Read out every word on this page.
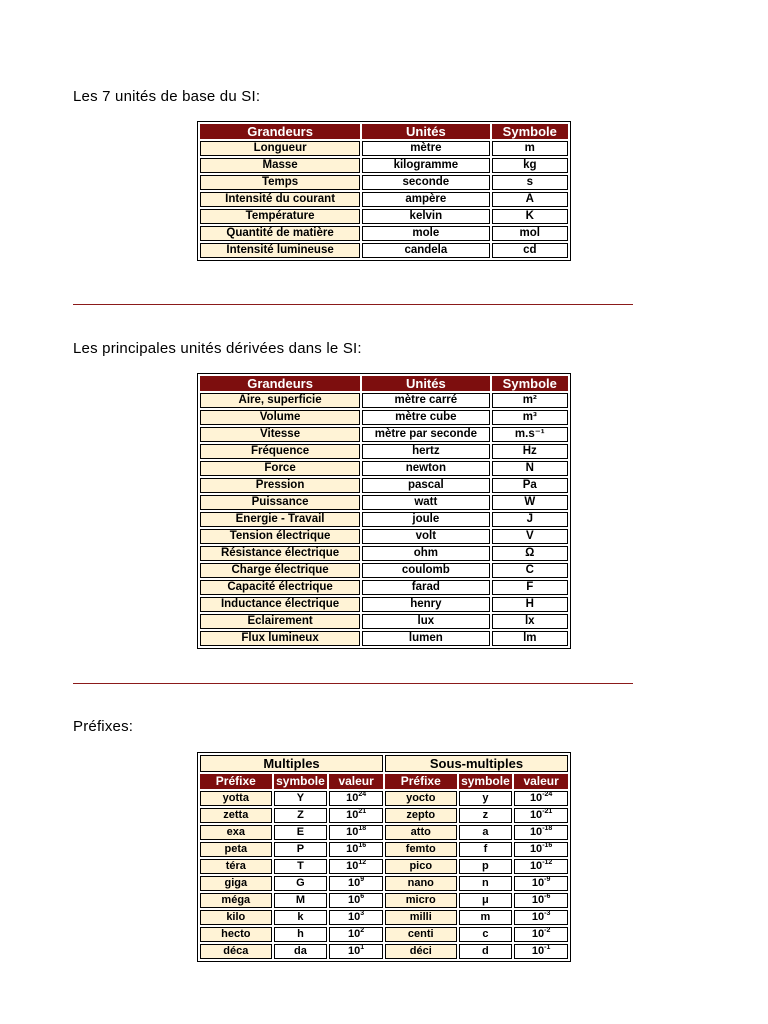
Les 7 unités de base du SI:
Grandeurs	Unités	Symbole
Longueur	mètre	m
Masse	kilogramme	kg
Temps	seconde	s
Intensité du courant	ampère	A
Température	kelvin	K
Quantité de matière	mole	mol
Intensité lumineuse	candela	cd
Les principales unités dérivées dans le SI:
Grandeurs	Unités	Symbole
Aire, superficie	mètre carré	m²
Volume	mètre cube	m³
Vitesse	mètre par seconde	m.s⁻¹
Fréquence	hertz	Hz
Force	newton	N
Pression	pascal	Pa
Puissance	watt	W
Energie - Travail	joule	J
Tension électrique	volt	V
Résistance électrique	ohm	Ω
Charge électrique	coulomb	C
Capacité électrique	farad	F
Inductance électrique	henry	H
Eclairement	lux	lx
Flux lumineux	lumen	lm
Préfixes:
Multiples			Sous-multiples		
Préfixe	symbole	valeur	Préfixe	symbole	valeur
yotta	Y	$10^{24}$	yocto	y	$10^{-24}$
zetta	Z	$10^{21}$	zepto	z	$10^{-21}$
exa	E	$10^{18}$	atto	a	$10^{-18}$
peta	P	$10^{16}$	femto	f	$10^{-16}$
téra	T	$10^{12}$	pico	p	$10^{-12}$
giga	G	$10^9$	nano	n	$10^{-9}$
méga	M	$10^6$	micro	μ	$10^{-6}$
kilo	k	$10^3$	milli	m	$10^{-3}$
hecto	h	$10^2$	centi	c	$10^{-2}$
déca	da	$10^1$	déci	d	$10^{-1}$
